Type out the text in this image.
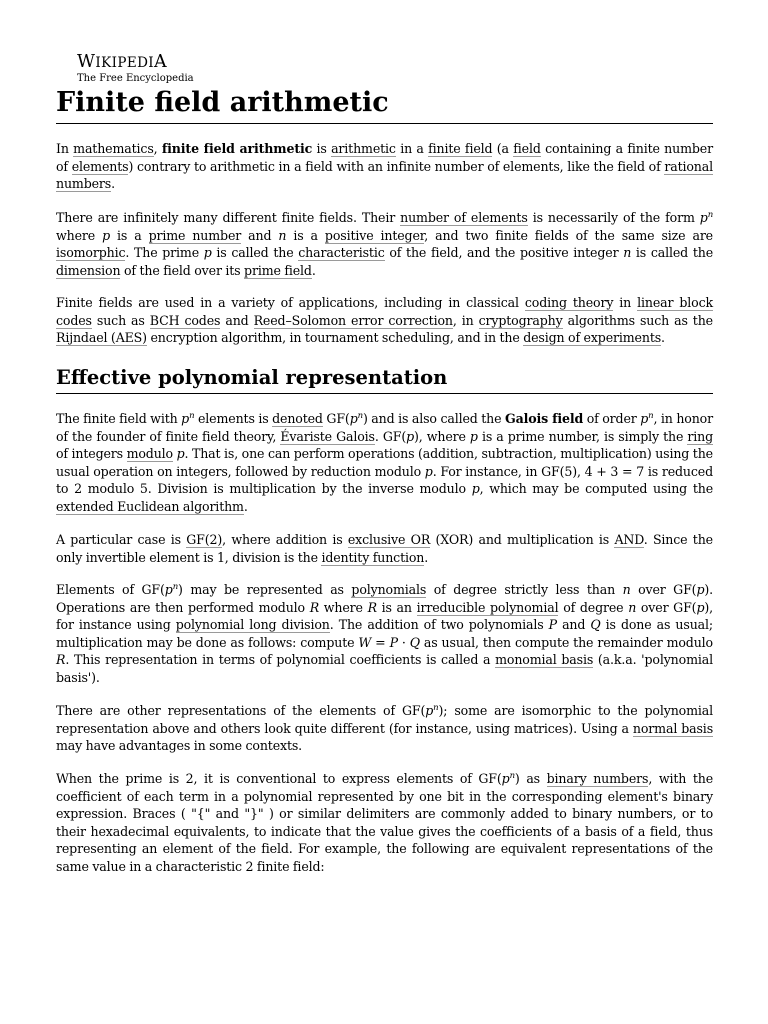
WIKIPEDIA
The Free Encyclopedia
Finite field arithmetic

In mathematics, finite field arithmetic is arithmetic in a finite field (a field containing a finite number of elements) contrary to arithmetic in a field with an infinite number of elements, like the field of rational numbers.

There are infinitely many different finite fields. Their number of elements is necessarily of the form $p^n$ where p is a prime number and n is a positive integer, and two finite fields of the same size are isomorphic. The prime p is called the characteristic of the field, and the positive integer n is called the dimension of the field over its prime field.

Finite fields are used in a variety of applications, including in classical coding theory in linear block codes such as BCH codes and Reed–Solomon error correction, in cryptography algorithms such as the Rijndael (AES) encryption algorithm, in tournament scheduling, and in the design of experiments.

Effective polynomial representation

The finite field with $p^n$ elements is denoted $GF(p^n)$ and is also called the Galois field of order $p^n$, in honor of the founder of finite field theory, Évariste Galois. GF(p), where p is a prime number, is simply the ring of integers modulo p. That is, one can perform operations (addition, subtraction, multiplication) using the usual operation on integers, followed by reduction modulo p. For instance, in GF(5), 4 + 3 = 7 is reduced to 2 modulo 5. Division is multiplication by the inverse modulo p, which may be computed using the extended Euclidean algorithm.

A particular case is GF(2), where addition is exclusive OR (XOR) and multiplication is AND. Since the only invertible element is 1, division is the identity function.

Elements of $GF(p^n)$ may be represented as polynomials of degree strictly less than n over GF(p). Operations are then performed modulo R where R is an irreducible polynomial of degree n over GF(p), for instance using polynomial long division. The addition of two polynomials P and Q is done as usual; multiplication may be done as follows: compute W = P · Q as usual, then compute the remainder modulo R. This representation in terms of polynomial coefficients is called a monomial basis (a.k.a. 'polynomial basis').

There are other representations of the elements of $GF(p^n)$; some are isomorphic to the polynomial representation above and others look quite different (for instance, using matrices). Using a normal basis may have advantages in some contexts.

When the prime is 2, it is conventional to express elements of $GF(p^n)$ as binary numbers, with the coefficient of each term in a polynomial represented by one bit in the corresponding element's binary expression. Braces ( "{" and "}" ) or similar delimiters are commonly added to binary numbers, or to their hexadecimal equivalents, to indicate that the value gives the coefficients of a basis of a field, thus representing an element of the field. For example, the following are equivalent representations of the same value in a characteristic 2 finite field:
